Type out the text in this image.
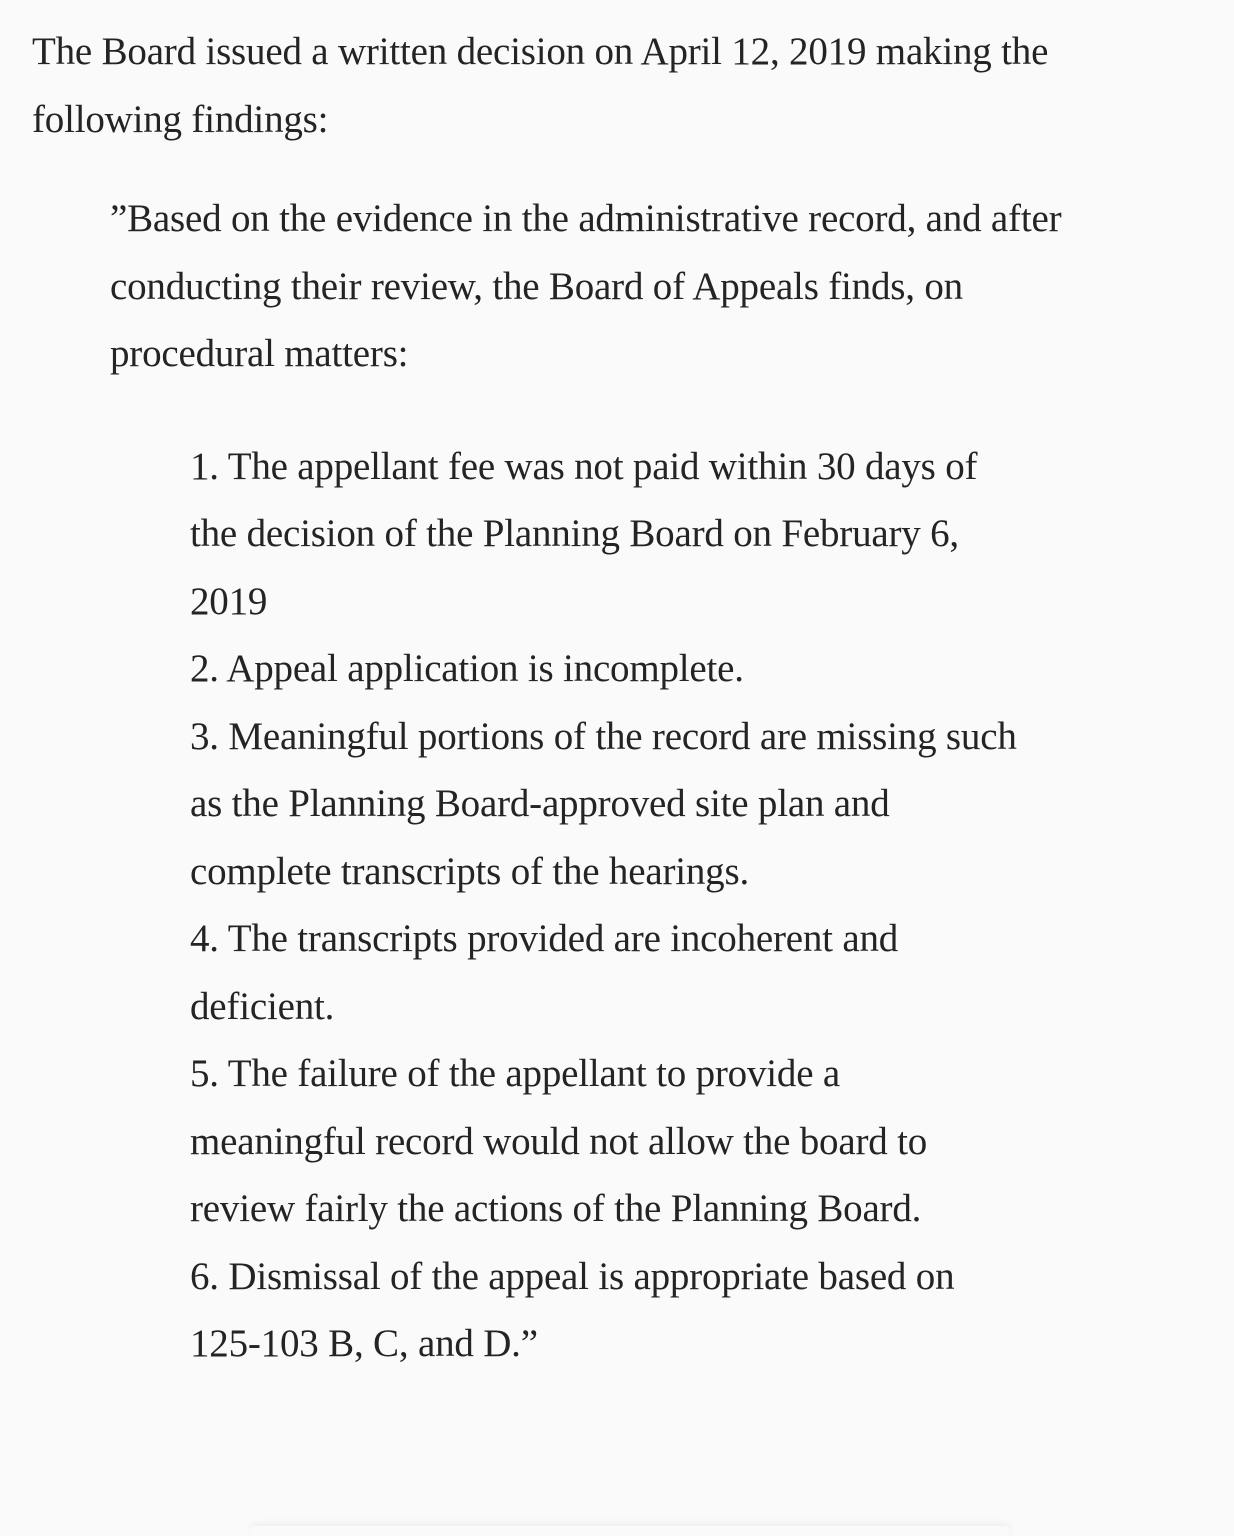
The Board issued a written decision on April 12, 2019 making the following findings:

”Based on the evidence in the administrative record, and after conducting their review, the Board of Appeals finds, on procedural matters:

1. The appellant fee was not paid within 30 days of the decision of the Planning Board on February 6, 2019
2. Appeal application is incomplete.
3. Meaningful portions of the record are missing such as the Planning Board-approved site plan and complete transcripts of the hearings.
4. The transcripts provided are incoherent and deficient.
5. The failure of the appellant to provide a meaningful record would not allow the board to review fairly the actions of the Planning Board.
6. Dismissal of the appeal is appropriate based on 125-103 B, C, and D.”
